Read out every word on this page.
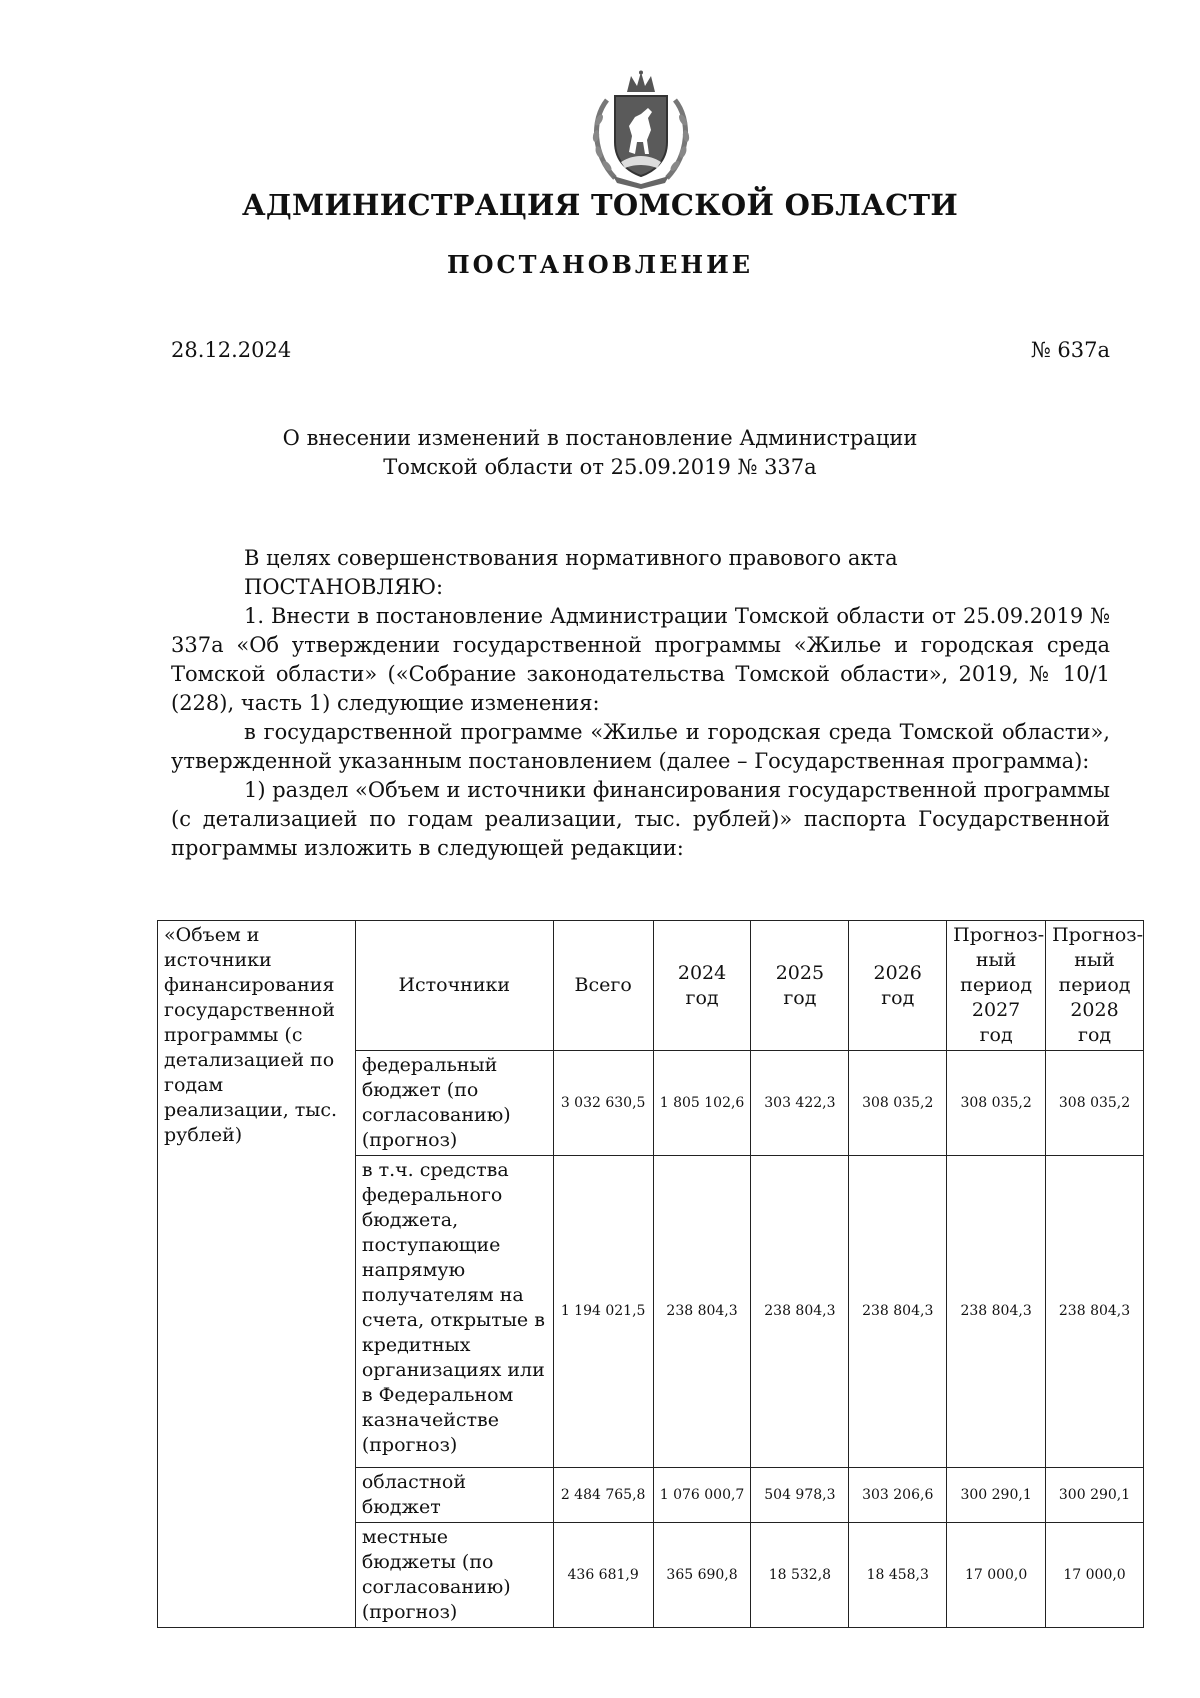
АДМИНИСТРАЦИЯ ТОМСКОЙ ОБЛАСТИ
ПОСТАНОВЛЕНИЕ
28.12.2024	№ 637а
О внесении изменений в постановление Администрации
Томской области от 25.09.2019 № 337а

В целях совершенствования нормативного правового акта

ПОСТАНОВЛЯЮ:

1. Внести в постановление Администрации Томской области от 25.09.2019 № 337а «Об утверждении государственной программы «Жилье и городская среда Томской области» («Собрание законодательства Томской области», 2019, № 10/1 (228), часть 1) следующие изменения:

в государственной программе «Жилье и городская среда Томской области», утвержденной указанным постановлением (далее – Государственная программа):

1) раздел «Объем и источники финансирования государственной программы (с детализацией по годам реализации, тыс. рублей)» паспорта Государственной программы изложить в следующей редакции:

«Объем и источники финансирования государственной программы (с детализацией по годам реализации, тыс. рублей)	Источники	Всего	2024 год	2025 год	2026 год	Прогноз-ный период 2027 год	Прогноз-ный период 2028 год
	федеральный бюджет (по согласованию) (прогноз)	3 032 630,5	1 805 102,6	303 422,3	308 035,2	308 035,2	308 035,2
	в т.ч. средства федерального бюджета, поступающие напрямую получателям на счета, открытые в кредитных организациях или в Федеральном казначействе (прогноз)	1 194 021,5	238 804,3	238 804,3	238 804,3	238 804,3	238 804,3
	областной бюджет	2 484 765,8	1 076 000,7	504 978,3	303 206,6	300 290,1	300 290,1
	местные бюджеты (по согласованию) (прогноз)	436 681,9	365 690,8	18 532,8	18 458,3	17 000,0	17 000,0
